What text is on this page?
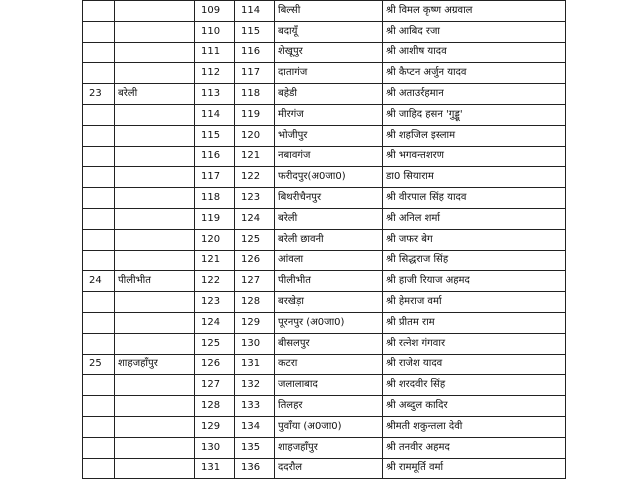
		109	114	बिल्सी	श्री विमल कृष्ण अग्रवाल
		110	115	बदायूँ	श्री आबिद रजा
		111	116	शेखूपुर	श्री आशीष यादव
		112	117	दातागंज	श्री कैप्टन अर्जुन यादव
23	बरेली	113	118	बहेडी	श्री अताउर्रहमान
		114	119	मीरगंज	श्री जाहिद हसन 'गुड्डू'
		115	120	भोजीपुर	श्री शहजिल इस्लाम
		116	121	नबावगंज	श्री भगवन्तशरण
		117	122	फरीदपुर(अ0जा0)	डा0 सियाराम
		118	123	बिथरीचैनपुर	श्री वीरपाल सिंह यादव
		119	124	बरेली	श्री अनिल शर्मा
		120	125	बरेली छावनी	श्री जफर बेग
		121	126	आंवला	श्री सिद्धराज सिंह
24	पीलीभीत	122	127	पीलीभीत	श्री हाजी रियाज अहमद
		123	128	बरखेड़ा	श्री हेमराज वर्मा
		124	129	पूरनपुर (अ0जा0)	श्री प्रीतम राम
		125	130	बीसलपुर	श्री रत्नेश गंगवार
25	शाहजहाँपुर	126	131	कटरा	श्री राजेश यादव
		127	132	जलालाबाद	श्री शरदवीर सिंह
		128	133	तिलहर	श्री अब्दुल कादिर
		129	134	पुवाँया (अ0जा0)	श्रीमती शकुन्तला देवी
		130	135	शाहजहाँपुर	श्री तनवीर अहमद
		131	136	ददरौल	श्री राममूर्ति वर्मा
